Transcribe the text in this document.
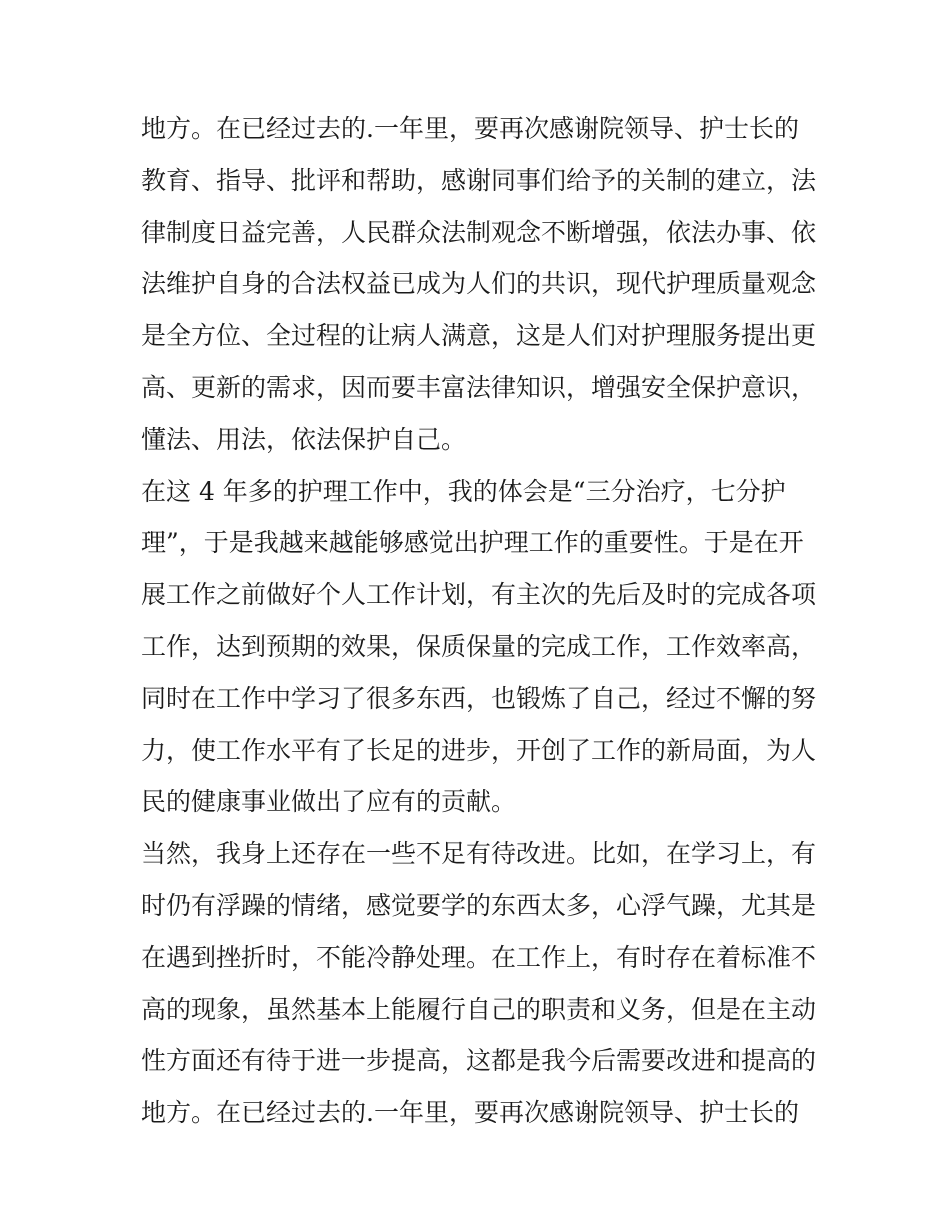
地方。在已经过去的.一年里，要再次感谢院领导、护士长的
教育、指导、批评和帮助，感谢同事们给予的关制的建立，法
律制度日益完善，人民群众法制观念不断增强，依法办事、依
法维护自身的合法权益已成为人们的共识，现代护理质量观念
是全方位、全过程的让病人满意，这是人们对护理服务提出更
高、更新的需求，因而要丰富法律知识，增强安全保护意识，
懂法、用法，依法保护自己。
在这 4 年多的护理工作中，我的体会是“三分治疗，七分护
理”，于是我越来越能够感觉出护理工作的重要性。于是在开
展工作之前做好个人工作计划，有主次的先后及时的完成各项
工作，达到预期的效果，保质保量的完成工作，工作效率高，
同时在工作中学习了很多东西，也锻炼了自己，经过不懈的努
力，使工作水平有了长足的进步，开创了工作的新局面，为人
民的健康事业做出了应有的贡献。
当然，我身上还存在一些不足有待改进。比如，在学习上，有
时仍有浮躁的情绪，感觉要学的东西太多，心浮气躁，尤其是
在遇到挫折时，不能冷静处理。在工作上，有时存在着标准不
高的现象，虽然基本上能履行自己的职责和义务，但是在主动
性方面还有待于进一步提高，这都是我今后需要改进和提高的
地方。在已经过去的.一年里，要再次感谢院领导、护士长的
